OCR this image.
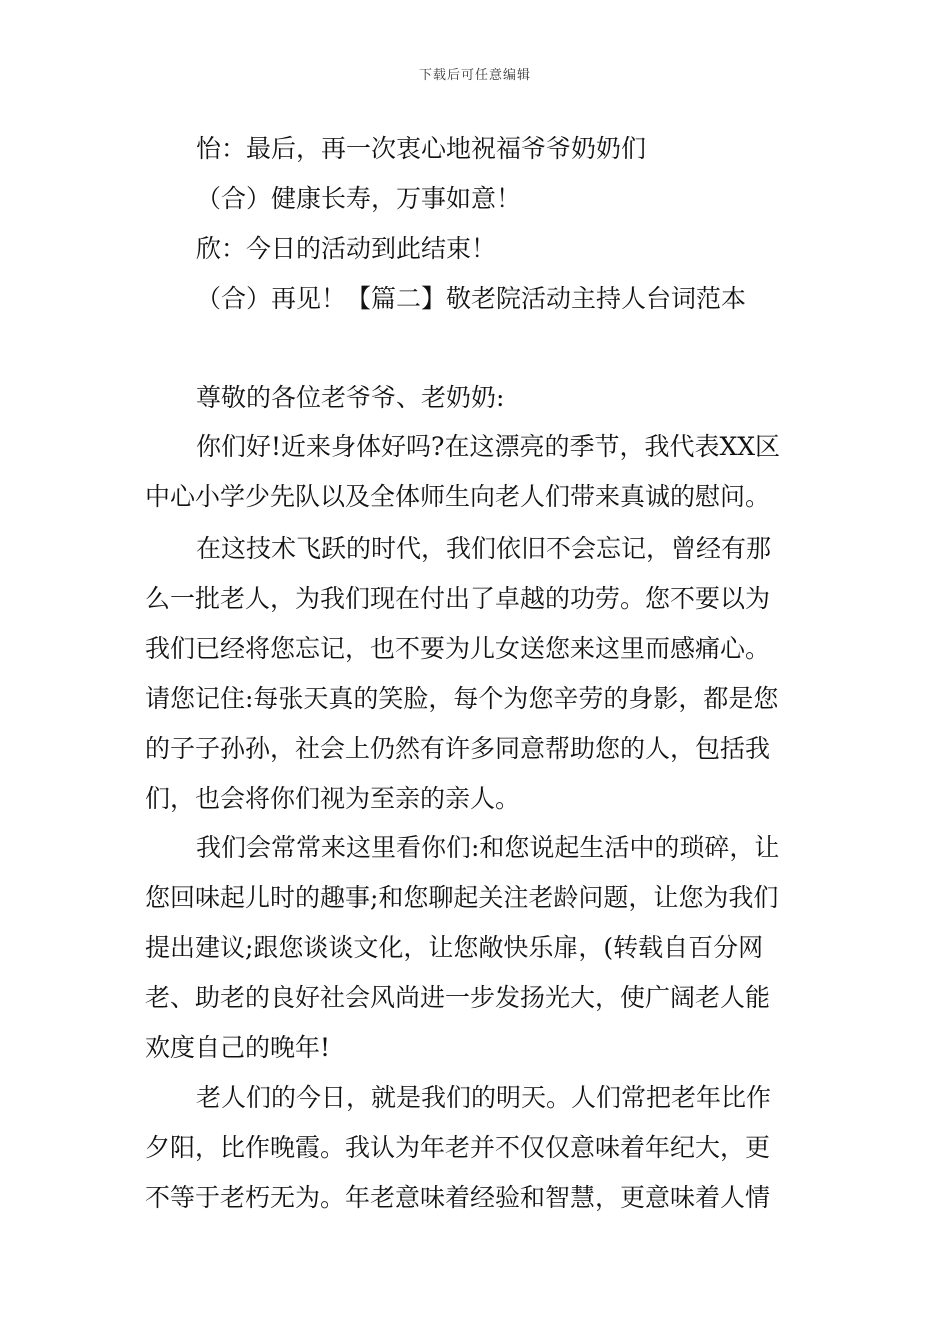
下载后可任意编辑
怡：最后，再一次衷心地祝福爷爷奶奶们
（合）健康长寿，万事如意！
欣：今日的活动到此结束！
（合）再见！【篇二】敬老院活动主持人台词范本
尊敬的各位老爷爷、老奶奶:
你们好!近来身体好吗?在这漂亮的季节，我代表XX区
中心小学少先队以及全体师生向老人们带来真诚的慰问。
在这技术飞跃的时代，我们依旧不会忘记，曾经有那
么一批老人，为我们现在付出了卓越的功劳。您不要以为
我们已经将您忘记，也不要为儿女送您来这里而感痛心。
请您记住:每张天真的笑脸，每个为您辛劳的身影，都是您
的子子孙孙，社会上仍然有许多同意帮助您的人，包括我
们，也会将你们视为至亲的亲人。
我们会常常来这里看你们:和您说起生活中的琐碎，让
您回味起儿时的趣事;和您聊起关注老龄问题，让您为我们
提出建议;跟您谈谈文化，让您敞快乐扉，(转载自百分网
老、助老的良好社会风尚进一步发扬光大，使广阔老人能
欢度自己的晚年!
老人们的今日，就是我们的明天。人们常把老年比作
夕阳，比作晚霞。我认为年老并不仅仅意味着年纪大，更
不等于老朽无为。年老意味着经验和智慧，更意味着人情
